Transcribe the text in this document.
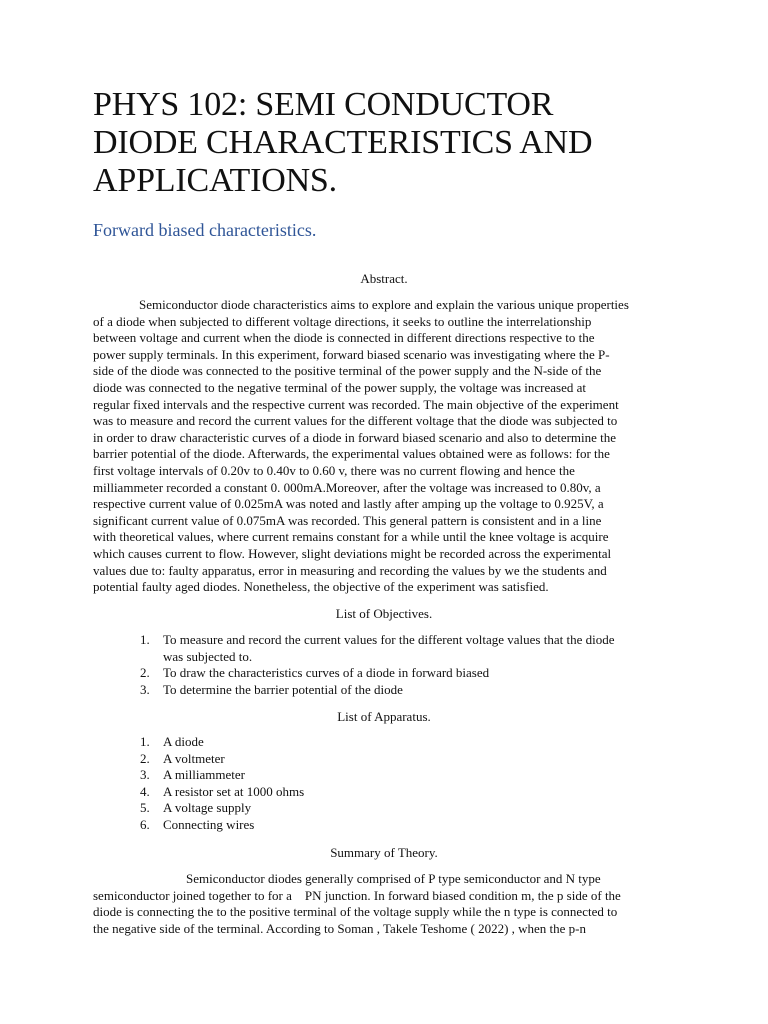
PHYS 102: SEMI CONDUCTOR
DIODE CHARACTERISTICS AND
APPLICATIONS.
Forward biased characteristics.

Abstract.

Semiconductor diode characteristics aims to explore and explain the various unique properties
of a diode when subjected to different voltage directions, it seeks to outline the interrelationship
between voltage and current when the diode is connected in different directions respective to the
power supply terminals. In this experiment, forward biased scenario was investigating where the P-
side of the diode was connected to the positive terminal of the power supply and the N-side of the
diode was connected to the negative terminal of the power supply, the voltage was increased at
regular fixed intervals and the respective current was recorded. The main objective of the experiment
was to measure and record the current values for the different voltage that the diode was subjected to
in order to draw characteristic curves of a diode in forward biased scenario and also to determine the
barrier potential of the diode. Afterwards, the experimental values obtained were as follows: for the
first voltage intervals of 0.20v to 0.40v to 0.60 v, there was no current flowing and hence the
milliammeter recorded a constant 0. 000mA.Moreover, after the voltage was increased to 0.80v, a
respective current value of 0.025mA was noted and lastly after amping up the voltage to 0.925V, a
significant current value of 0.075mA was recorded. This general pattern is consistent and in a line
with theoretical values, where current remains constant for a while until the knee voltage is acquire
which causes current to flow. However, slight deviations might be recorded across the experimental
values due to: faulty apparatus, error in measuring and recording the values by we the students and
potential faulty aged diodes. Nonetheless, the objective of the experiment was satisfied.

List of Objectives.

1. To measure and record the current values for the different voltage values that the diode
was subjected to.
2. To draw the characteristics curves of a diode in forward biased
3. To determine the barrier potential of the diode

List of Apparatus.

1. A diode
2. A voltmeter
3. A milliammeter
4. A resistor set at 1000 ohms
5. A voltage supply
6. Connecting wires

Summary of Theory.

Semiconductor diodes generally comprised of P type semiconductor and N type
semiconductor joined together to for a    PN junction. In forward biased condition m, the p side of the
diode is connecting the to the positive terminal of the voltage supply while the n type is connected to
the negative side of the terminal. According to Soman , Takele Teshome ( 2022) , when the p-n
